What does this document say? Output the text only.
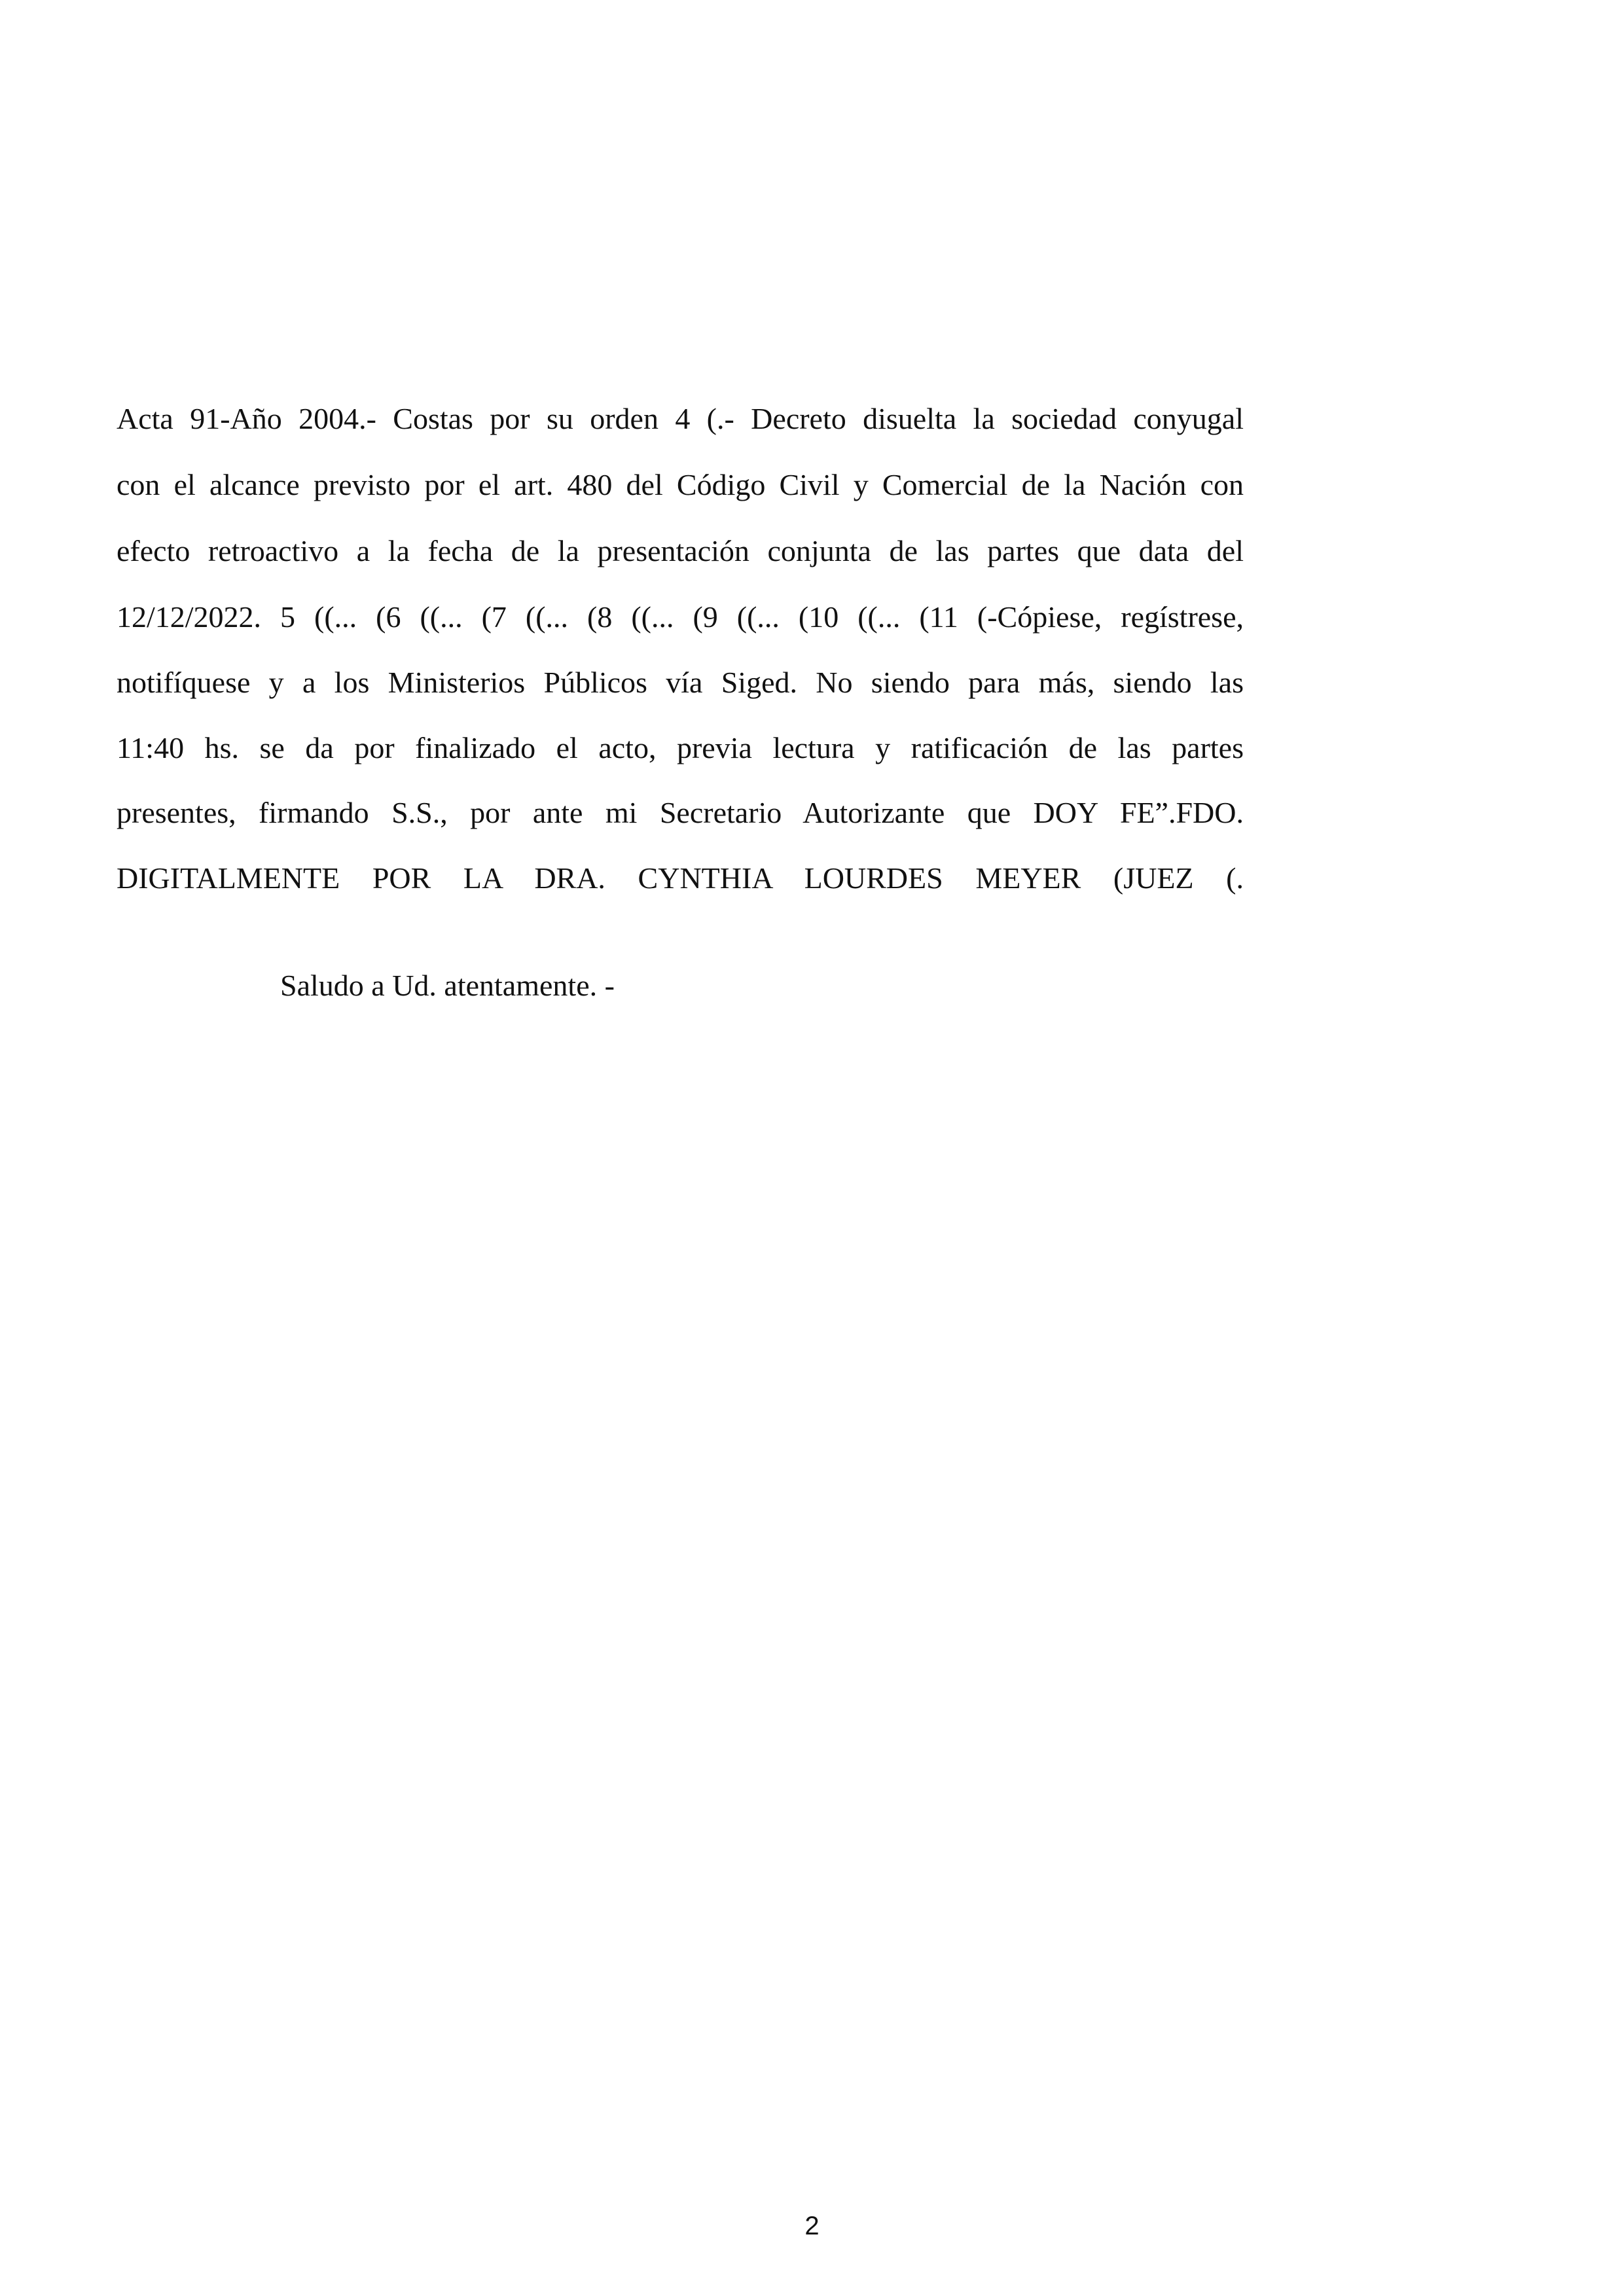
Acta 91-Año 2004.- Costas por su orden 4 (.- Decreto disuelta la sociedad conyugal
con el alcance previsto por el art. 480 del Código Civil y Comercial de la Nación con
efecto retroactivo a la fecha de la presentación conjunta de las partes que data del
12/12/2022. 5 ((... (6 ((... (7 ((... (8 ((... (9 ((... (10 ((... (11 (-Cópiese, regístrese,
notifíquese y a los Ministerios Públicos vía Siged. No siendo para más, siendo las
11:40 hs. se da por finalizado el acto, previa lectura y ratificación de las partes
presentes, firmando S.S., por ante mi Secretario Autorizante que DOY FE”.FDO.
DIGITALMENTE POR LA DRA. CYNTHIA LOURDES MEYER (JUEZ (.
Saludo a Ud. atentamente. -
2
